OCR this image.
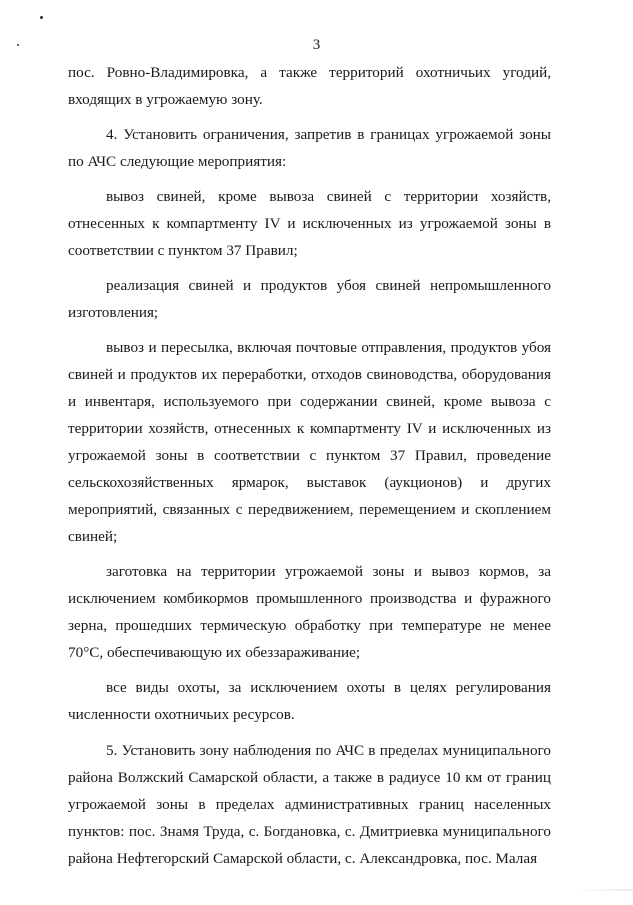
3

пос. Ровно-Владимировка, а также территорий охотничьих угодий, входящих в угрожаемую зону.

4. Установить ограничения, запретив в границах угрожаемой зоны по АЧС следующие мероприятия:

вывоз свиней, кроме вывоза свиней с территории хозяйств, отнесенных к компартменту IV и исключенных из угрожаемой зоны в соответствии с пунктом 37 Правил;

реализация свиней и продуктов убоя свиней непромышленного изготовления;

вывоз и пересылка, включая почтовые отправления, продуктов убоя свиней и продуктов их переработки, отходов свиноводства, оборудования и инвентаря, используемого при содержании свиней, кроме вывоза с территории хозяйств, отнесенных к компартменту IV и исключенных из угрожаемой зоны в соответствии с пунктом 37 Правил, проведение сельскохозяйственных ярмарок, выставок (аукционов) и других мероприятий, связанных с передвижением, перемещением и скоплением свиней;

заготовка на территории угрожаемой зоны и вывоз кормов, за исключением комбикормов промышленного производства и фуражного зерна, прошедших термическую обработку при температуре не менее 70°С, обеспечивающую их обеззараживание;

все виды охоты, за исключением охоты в целях регулирования численности охотничьих ресурсов.

5. Установить зону наблюдения по АЧС в пределах муниципального района Волжский Самарской области, а также в радиусе 10 км от границ угрожаемой зоны в пределах административных границ населенных пунктов: пос. Знамя Труда, с. Богдановка, с. Дмитриевка муниципального района Нефтегорский Самарской области, с. Александровка, пос. Малая
